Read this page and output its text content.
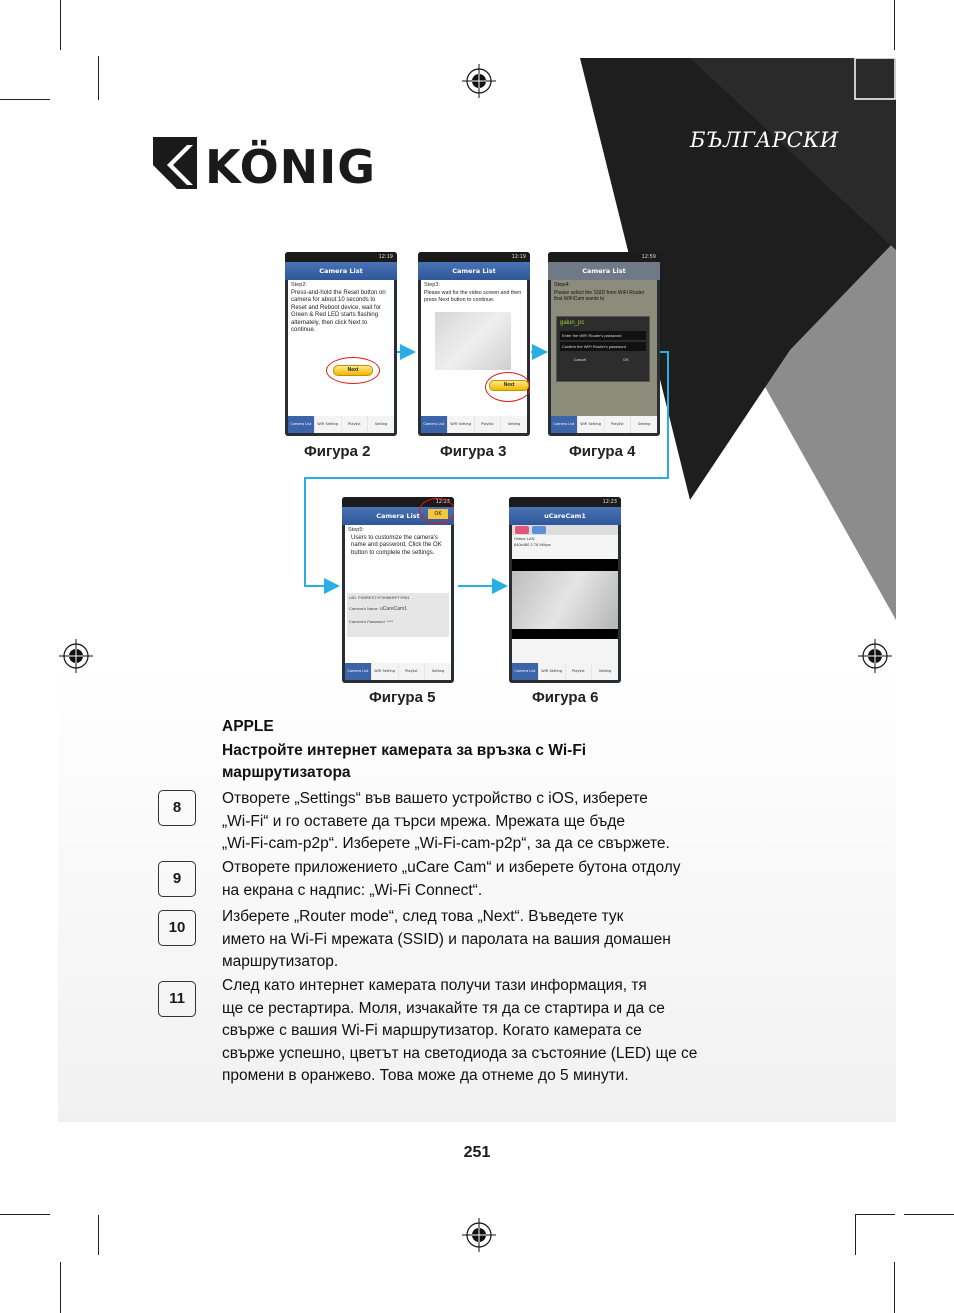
KÖNIG	БЪЛГАРСКИ
12:19
Camera List
Step2:
Press-and-hold the Reset button on camera for about 10 seconds to Reset and Reboot device, wait for Green & Red LED starts flashing alternately, then click Next to continue.
Next
Camera List	WiFi Setting	Playlist	Setting
Фигура 2
12:19
Camera List
Step3:
Please wait for the video screen and then press Next button to continue.
Next
Camera List	WiFi Setting	Playlist	Setting
Фигура 3
12:59
Camera List
Step4:
Please select the SSID from WiFi Router that WiFiCam wants to
galun_pc
Enter the WiFi Router's password
Confirm the WiFi Router's password
Cancel	OK
Camera List	WiFi Setting	Playlist	Setting
Фигура 4
12:23
Camera List	OK
Step5:
Users to customize the camera's name and password, Click the OK button to complete the settings.
UID FKBRESTYF3H6BRPTYR81
Camera's Name uCareCam1
Camera's Password ****
Camera List	WiFi Setting	Playlist	Setting
Фигура 5
12:23
uCareCam1
Online LAN
640x480 2 76.9Kbps
Camera List	WiFi Setting	Playlist	Setting
Фигура 6
APPLE
Настройте интернет камерата за връзка с Wi-Fi маршрутизатора
8
Отворете „Settings“ във вашето устройство с iOS, изберете
„Wi-Fi“ и го оставете да търси мрежа. Мрежата ще бъде
„Wi-Fi-cam-p2p“. Изберете „Wi-Fi-cam-p2p“, за да се свържете.
9
Отворете приложението „uCare Cam“ и изберете бутона отдолу
на екрана с надпис: „Wi-Fi Connect“.
10
Изберете „Router mode“, след това „Next“. Въведете тук
името на Wi-Fi мрежата (SSID) и паролата на вашия домашен
маршрутизатор.
11
След като интернет камерата получи тази информация, тя
ще се рестартира. Моля, изчакайте тя да се стартира и да се
свърже с вашия Wi-Fi маршрутизатор. Когато камерата се
свърже успешно, цветът на светодиода за състояние (LED) ще се
промени в оранжево. Това може да отнеме до 5 минути.
251
